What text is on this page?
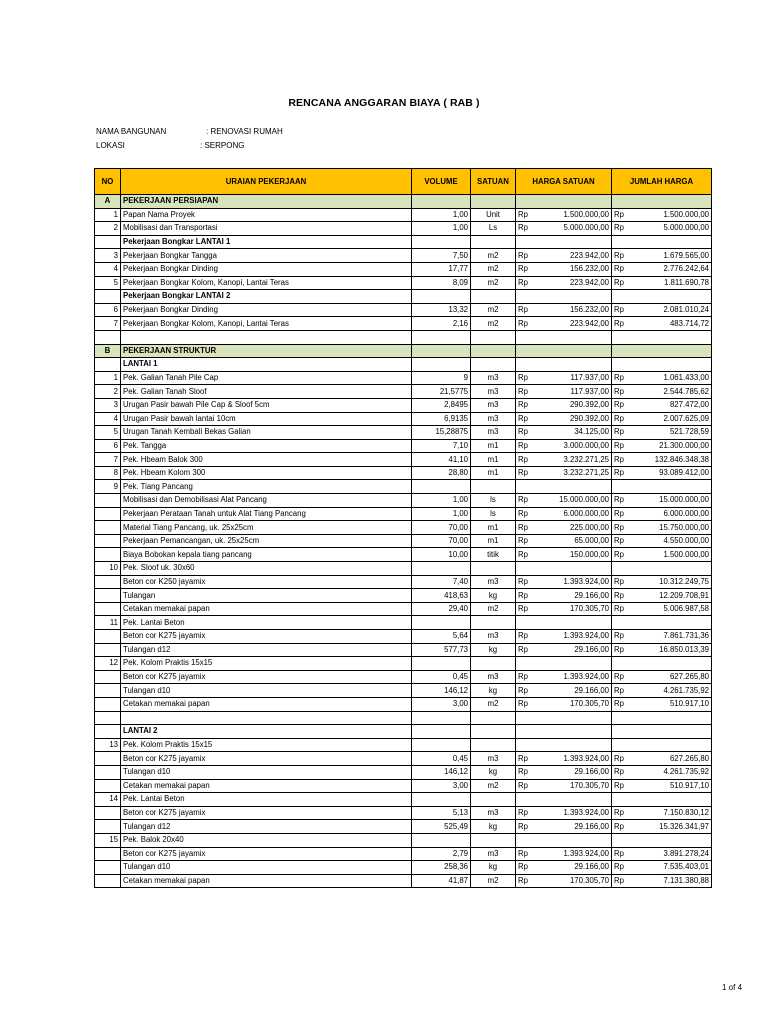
RENCANA ANGGARAN BIAYA ( RAB )
NAMA BANGUNAN	: RENOVASI RUMAH
LOKASI	: SERPONG
NO	URAIAN PEKERJAAN	VOLUME	SATUAN	HARGA SATUAN		JUMLAH HARGA	
A	PEKERJAAN PERSIAPAN						
1	Papan Nama Proyek	1,00	Unit	Rp	1.500.000,00	Rp	1.500.000,00
2	Mobilisasi dan Transportasi	1,00	Ls	Rp	5.000.000,00	Rp	5.000.000,00
	Pekerjaan Bongkar LANTAI 1						
3	Pekerjaan Bongkar Tangga	7,50	m2	Rp	223.942,00	Rp	1.679.565,00
4	Pekerjaan Bongkar Dinding	17,77	m2	Rp	156.232,00	Rp	2.776.242,64
5	Pekerjaan Bongkar Kolom, Kanopi, Lantai Teras	8,09	m2	Rp	223.942,00	Rp	1.811.690,78
	Pekerjaan Bongkar LANTAI 2						
6	Pekerjaan Bongkar Dinding	13,32	m2	Rp	156.232,00	Rp	2.081.010,24
7	Pekerjaan Bongkar Kolom, Kanopi, Lantai Teras	2,16	m2	Rp	223.942,00	Rp	483.714,72

B	PEKERJAAN STRUKTUR						
	LANTAI 1						
1	Pek. Galian Tanah Pile Cap	9	m3	Rp	117.937,00	Rp	1.061.433,00
2	Pek. Galian Tanah Sloof	21,5775	m3	Rp	117.937,00	Rp	2.544.785,62
3	Urugan Pasir bawah Pile Cap & Sloof 5cm	2,8495	m3	Rp	290.392,00	Rp	827.472,00
4	Urugan Pasir bawah lantai 10cm	6,9135	m3	Rp	290.392,00	Rp	2.007.625,09
5	Urugan Tanah Kembali Bekas Galian	15,28875	m3	Rp	34.125,00	Rp	521.728,59
6	Pek. Tangga	7,10	m1	Rp	3.000.000,00	Rp	21.300.000,00
7	Pek. Hbeam Balok 300	41,10	m1	Rp	3.232.271,25	Rp	132.846.348,38
8	Pek. Hbeam Kolom 300	28,80	m1	Rp	3.232.271,25	Rp	93.089.412,00
9	Pek. Tiang Pancang						
	Mobilisasi dan Demobilisasi Alat Pancang	1,00	ls	Rp	15.000.000,00	Rp	15.000.000,00
	Pekerjaan Perataan Tanah untuk Alat Tiang Pancang	1,00	ls	Rp	6.000.000,00	Rp	6.000.000,00
	Material Tiang Pancang, uk. 25x25cm	70,00	m1	Rp	225.000,00	Rp	15.750.000,00
	Pekerjaan Pemancangan, uk. 25x25cm	70,00	m1	Rp	65.000,00	Rp	4.550.000,00
	Biaya Bobokan kepala tiang pancang	10,00	titik	Rp	150.000,00	Rp	1.500.000,00
10	Pek. Sloof uk. 30x60						
	Beton cor K250 jayamix	7,40	m3	Rp	1.393.924,00	Rp	10.312.249,75
	Tulangan	418,63	kg	Rp	29.166,00	Rp	12.209.708,91
	Cetakan memakai papan	29,40	m2	Rp	170.305,70	Rp	5.006.987,58
11	Pek. Lantai Beton						
	Beton cor K275 jayamix	5,64	m3	Rp	1.393.924,00	Rp	7.861.731,36
	Tulangan d12	577,73	kg	Rp	29.166,00	Rp	16.850.013,39
12	Pek. Kolom Praktis 15x15						
	Beton cor K275 jayamix	0,45	m3	Rp	1.393.924,00	Rp	627.265,80
	Tulangan d10	146,12	kg	Rp	29.166,00	Rp	4.261.735,92
	Cetakan memakai papan	3,00	m2	Rp	170.305,70	Rp	510.917,10

	LANTAI 2						
13	Pek. Kolom Praktis 15x15						
	Beton cor K275 jayamix	0,45	m3	Rp	1.393.924,00	Rp	627.265,80
	Tulangan d10	146,12	kg	Rp	29.166,00	Rp	4.261.735,92
	Cetakan memakai papan	3,00	m2	Rp	170.305,70	Rp	510.917,10
14	Pek. Lantai Beton						
	Beton cor K275 jayamix	5,13	m3	Rp	1.393.924,00	Rp	7.150.830,12
	Tulangan d12	525,49	kg	Rp	29.166,00	Rp	15.326.341,97
15	Pek. Balok 20x40						
	Beton cor K275 jayamix	2,79	m3	Rp	1.393.924,00	Rp	3.891.278,24
	Tulangan d10	258,36	kg	Rp	29.166,00	Rp	7.535.403,01
	Cetakan memakai papan	41,87	m2	Rp	170.305,70	Rp	7.131.380,88
1 of 4
